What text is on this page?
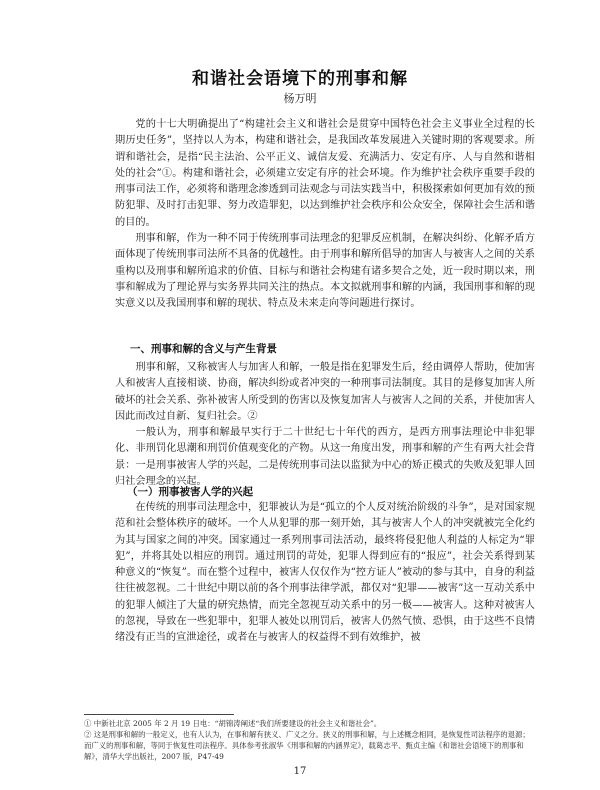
和谐社会语境下的刑事和解
杨万明

党的十七大明确提出了“构建社会主义和谐社会是贯穿中国特色社会主义事业全过程的长期历史任务”，坚持以人为本，构建和谐社会，是我国改革发展进入关键时期的客观要求。所谓和谐社会，是指“民主法治、公平正义、诚信友爱、充满活力、安定有序、人与自然和谐相处的社会”①。构建和谐社会，必须建立安定有序的社会环境。作为维护社会秩序重要手段的刑事司法工作，必须将和谐理念渗透到司法观念与司法实践当中，积极探索如何更加有效的预防犯罪、及时打击犯罪、努力改造罪犯，以达到维护社会秩序和公众安全，保障社会生活和谐的目的。

刑事和解，作为一种不同于传统刑事司法理念的犯罪反应机制，在解决纠纷、化解矛盾方面体现了传统刑事司法所不具备的优越性。由于刑事和解所倡导的加害人与被害人之间的关系重构以及刑事和解所追求的价值、目标与和谐社会构建有诸多契合之处，近一段时期以来，刑事和解成为了理论界与实务界共同关注的热点。本文拟就刑事和解的内涵，我国刑事和解的现实意义以及我国刑事和解的现状、特点及未来走向等问题进行探讨。

一、刑事和解的含义与产生背景

刑事和解，又称被害人与加害人和解，一般是指在犯罪发生后，经由调停人帮助，使加害人和被害人直接相谈、协商，解决纠纷或者冲突的一种刑事司法制度。其目的是修复加害人所破坏的社会关系、弥补被害人所受到的伤害以及恢复加害人与被害人之间的关系，并使加害人因此而改过自新、复归社会。②

一般认为，刑事和解最早实行于二十世纪七十年代的西方，是西方刑事法理论中非犯罪化、非刑罚化思潮和刑罚价值观变化的产物。从这一角度出发，刑事和解的产生有两大社会背景：一是刑事被害人学的兴起，二是传统刑事司法以监狱为中心的矫正模式的失败及犯罪人回归社会理念的兴起。

（一）刑事被害人学的兴起

在传统的刑事司法理念中，犯罪被认为是“孤立的个人反对统治阶级的斗争”，是对国家规范和社会整体秩序的破坏。一个人从犯罪的那一刻开始，其与被害人个人的冲突就被完全化约为其与国家之间的冲突。国家通过一系列刑事司法活动，最终将侵犯他人利益的人标定为“罪犯”，并将其处以相应的刑罚。通过刑罚的苛处，犯罪人得到应有的“报应”，社会关系得到某种意义的“恢复”。而在整个过程中，被害人仅仅作为“控方证人”被动的参与其中，自身的利益往往被忽视。二十世纪中期以前的各个刑事法律学派，都仅对“犯罪——被害”这一互动关系中的犯罪人倾注了大量的研究热情，而完全忽视互动关系中的另一极——被害人。这种对被害人的忽视，导致在一些犯罪中，犯罪人被处以刑罚后，被害人仍然气愤、恐惧，由于这些不良情绪没有正当的宣泄途径，或者在与被害人的权益得不到有效维护，被

① 中新社北京 2005 年 2 月 19 日电：“胡锦涛阐述“我们所要建设的社会主义和谐社会”。

② 这是刑事和解的一般定义，也有人认为，在事和解有狭义、广义之分。狭义的刑事和解，与上述概念相同，是恢复性司法程序的退源；而广义的刑事和解，等同于恢复性司法程序。具体参考张淑华《刑事和解的内涵界定》，载葛志平、甄贞主编《和谐社会语境下的刑事和解》，清华大学出版社，2007 版，P47-49

17
